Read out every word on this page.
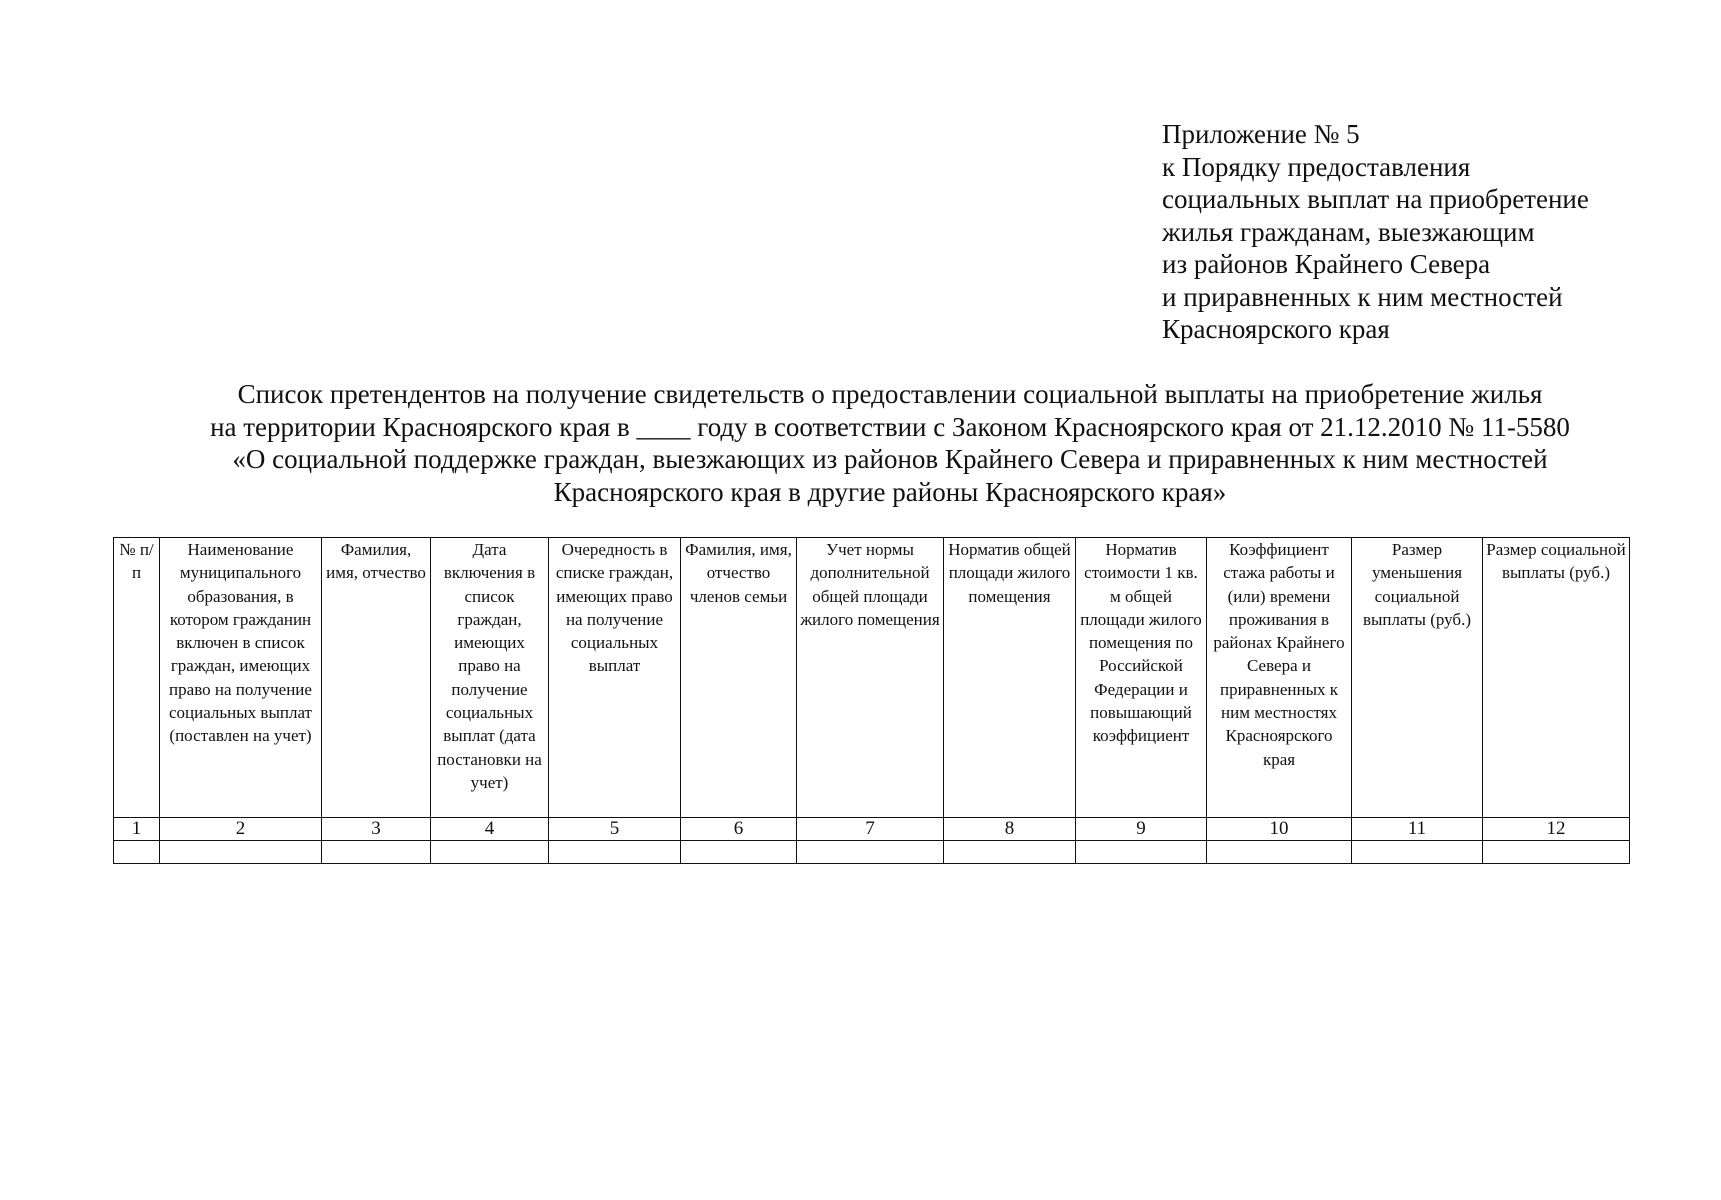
Приложение № 5
к Порядку предоставления
социальных выплат на приобретение
жилья гражданам, выезжающим
из районов Крайнего Севера
и приравненных к ним местностей
Красноярского края
Список претендентов на получение свидетельств о предоставлении социальной выплаты на приобретение жилья
на территории Красноярского края в ____ году в соответствии с Законом Красноярского края от 21.12.2010 № 11-5580
«О социальной поддержке граждан, выезжающих из районов Крайнего Севера и приравненных к ним местностей
Красноярского края в другие районы Красноярского края»
№ п/п	Наименование муниципального образования, в котором гражданин включен в список граждан, имеющих право на получение социальных выплат (поставлен на учет)	Фамилия, имя, отчество	Дата включения в список граждан, имеющих право на получение социальных выплат (дата постановки на учет)	Очередность в списке граждан, имеющих право на получение социальных выплат	Фамилия, имя, отчество членов семьи	Учет нормы дополнительной общей площади жилого помещения	Норматив общей площади жилого помещения	Норматив стоимости 1 кв. м общей площади жилого помещения по Российской Федерации и повышающий коэффициент	Коэффициент стажа работы и (или) времени проживания в районах Крайнего Севера и приравненных к ним местностях Красноярского края	Размер уменьшения социальной выплаты (руб.)	Размер социальной выплаты (руб.)
1	2	3	4	5	6	7	8	9	10	11	12
